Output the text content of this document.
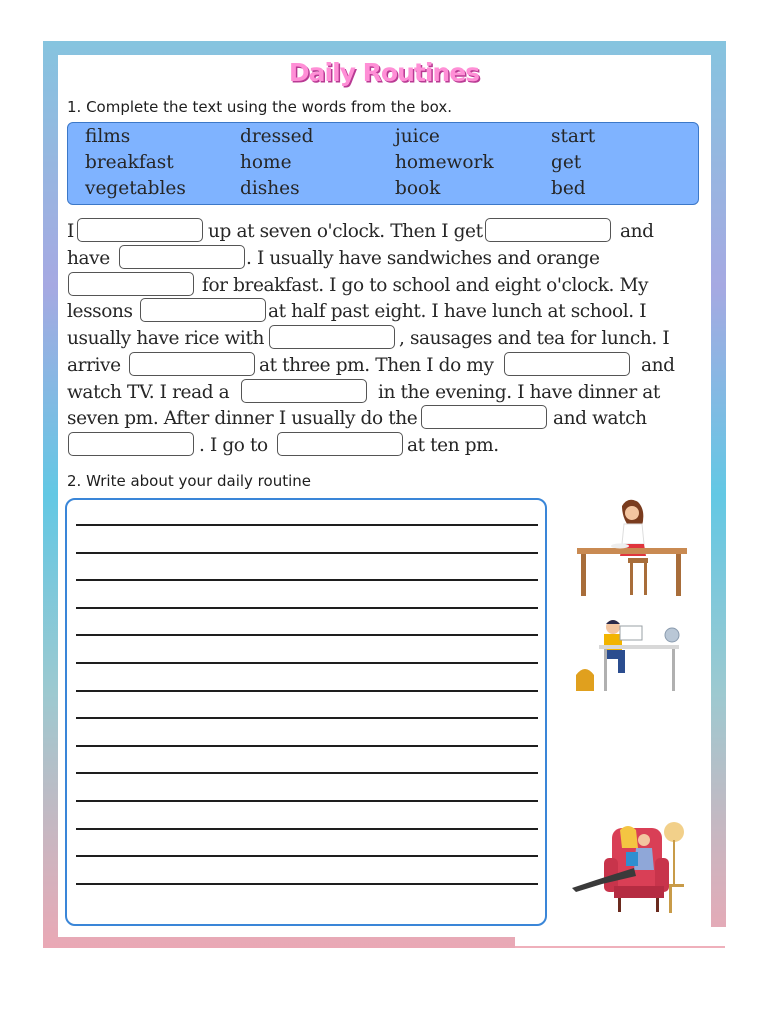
Daily Routines
1. Complete the text using the words from the box.
films	dressed	juice	start
breakfast	home	homework	get
vegetables	dishes	book	bed
I	up at seven o'clock. Then I get	and
have	. I usually have sandwiches and orange
for breakfast. I go to school and eight o'clock. My
lessons	at half past eight. I have lunch at school. I
usually have rice with	, sausages and tea for lunch. I
arrive	at three pm. Then I do my	and
watch TV. I read a	in the evening. I have dinner at
seven pm. After dinner I usually do the	and watch
. I go to	at ten pm.
2. Write about your daily routine
